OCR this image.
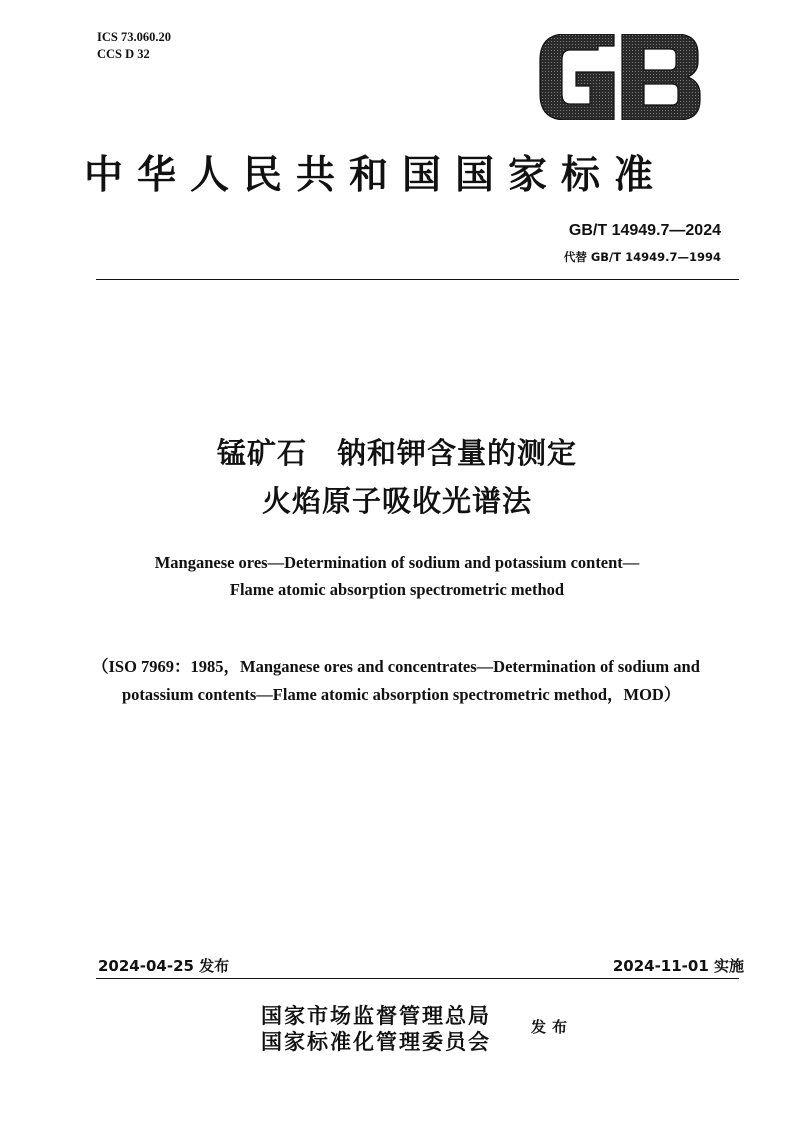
ICS 73.060.20
CCS D 32
中华人民共和国国家标准
GB/T 14949.7—2024
代替 GB/T 14949.7—1994
锰矿石　钠和钾含量的测定
火焰原子吸收光谱法
Manganese ores—Determination of sodium and potassium content—
Flame atomic absorption spectrometric method
（ISO 7969：1985，Manganese ores and concentrates—Determination of sodium and
potassium contents—Flame atomic absorption spectrometric method，MOD）
2024-04-25 发布	2024-11-01 实施
国家市场监督管理总局
国家标准化管理委员会
发布
